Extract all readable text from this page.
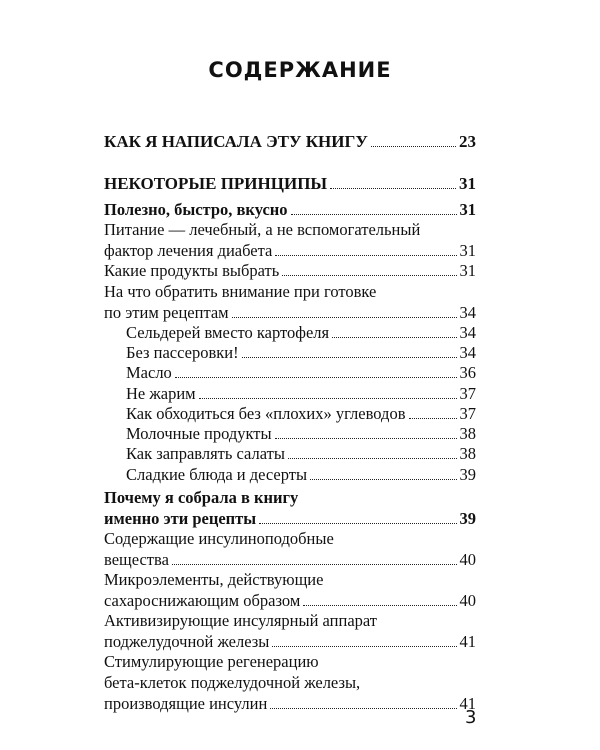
СОДЕРЖАНИЕ
КАК Я НАПИСАЛА ЭТУ КНИГУ	23
НЕКОТОРЫЕ ПРИНЦИПЫ	31
Полезно, быстро, вкусно	31
Питание — лечебный, а не вспомогательный
фактор лечения диабета	31
Какие продукты выбрать	31
На что обратить внимание при готовке
по этим рецептам	34
Сельдерей вместо картофеля	34
Без пассеровки!	34
Масло	36
Не жарим	37
Как обходиться без «плохих» углеводов	37
Молочные продукты	38
Как заправлять салаты	38
Сладкие блюда и десерты	39
Почему я собрала в книгу
именно эти рецепты	39
Содержащие инсулиноподобные
вещества	40
Микроэлементы, действующие
сахароснижающим образом	40
Активизирующие инсулярный аппарат
поджелудочной железы	41
Стимулирующие регенерацию
бета-клеток поджелудочной железы,
производящие инсулин	41
3
